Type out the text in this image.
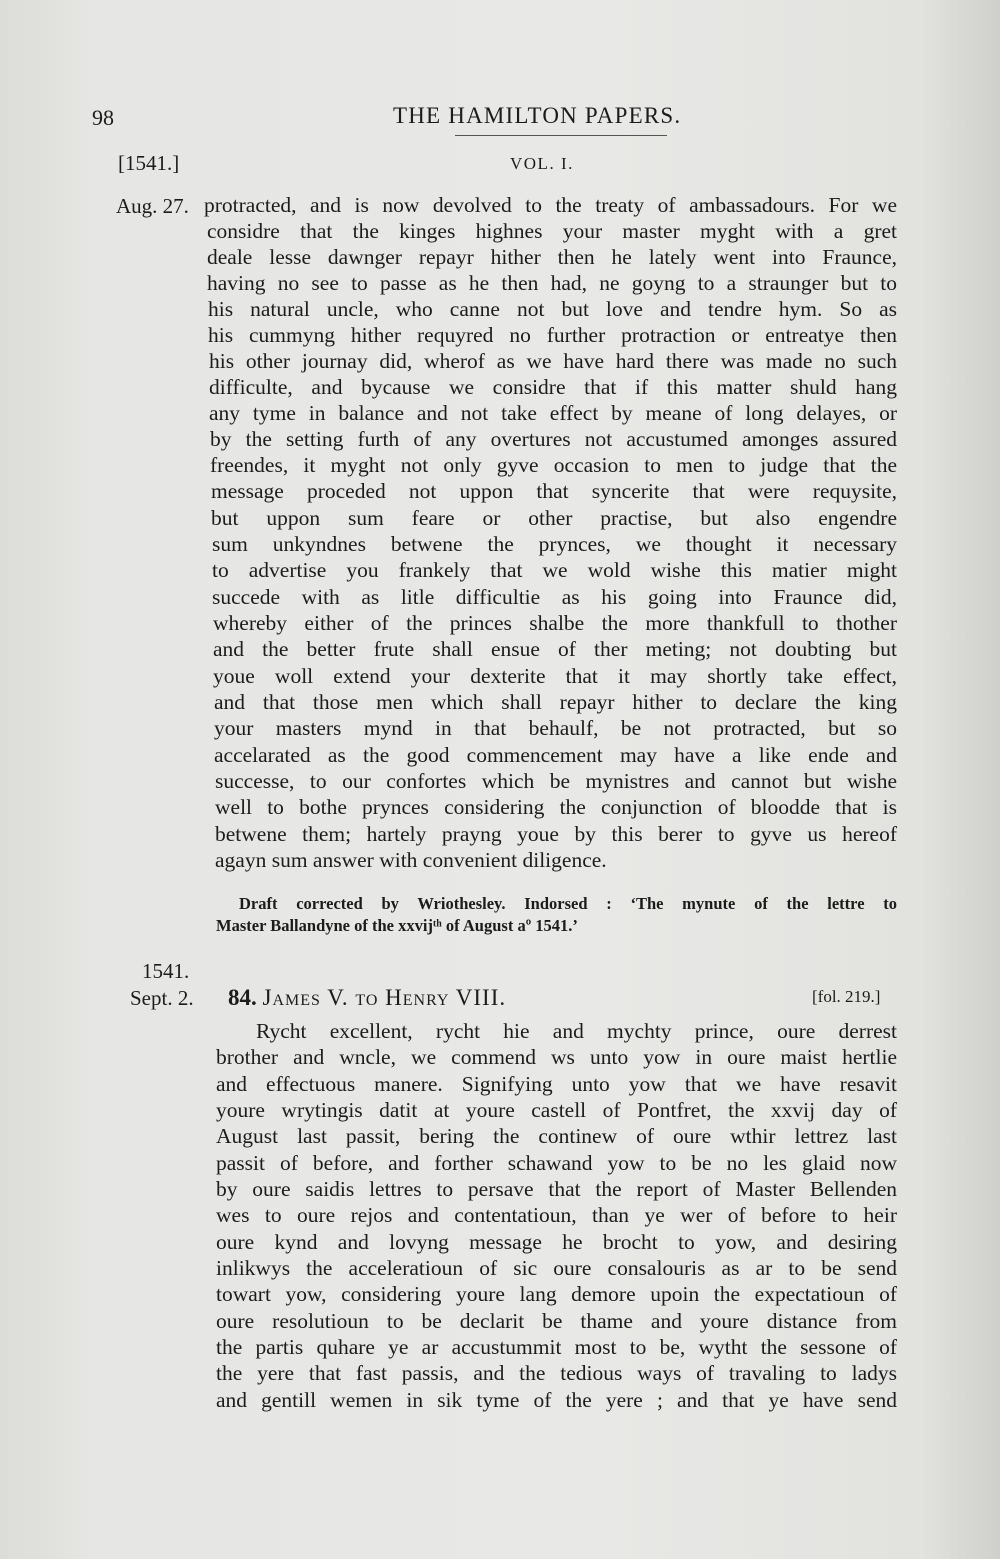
98	THE HAMILTON PAPERS.
[1541.]	VOL. I.
Aug. 27. protracted, and is now devolved to the treaty of ambassadours. For we
considre that the kinges highnes your master myght with a gret
deale lesse dawnger repayr hither then he lately went into Fraunce,
having no see to passe as he then had, ne goyng to a straunger but to
his natural uncle, who canne not but love and tendre hym. So as
his cummyng hither requyred no further protraction or entreatye then
his other journay did, wherof as we have hard there was made no such
difficulte, and bycause we considre that if this matter shuld hang
any tyme in balance and not take effect by meane of long delayes, or
by the setting furth of any overtures not accustumed amonges assured
freendes, it myght not only gyve occasion to men to judge that the
message proceded not uppon that syncerite that were requysite,
but uppon sum feare or other practise, but also engendre
sum unkyndnes betwene the prynces, we thought it necessary
to advertise you frankely that we wold wishe this matier might
succede with as litle difficultie as his going into Fraunce did,
whereby either of the princes shalbe the more thankfull to thother
and the better frute shall ensue of ther meting; not doubting but
youe woll extend your dexterite that it may shortly take effect,
and that those men which shall repayr hither to declare the king
your masters mynd in that behaulf, be not protracted, but so
accelarated as the good commencement may have a like ende and
successe, to our confortes which be mynistres and cannot but wishe
well to bothe prynces considering the conjunction of bloodde that is
betwene them; hartely prayng youe by this berer to gyve us hereof
agayn sum answer with convenient diligence.
Draft corrected by Wriothesley. Indorsed : ‘The mynute of the lettre to
Master Ballandyne of the xxvijᵗʰ of August aº 1541.’
1541.
Sept. 2. 84. James V. to Henry VIII.	[fol. 219.]
Rycht excellent, rycht hie and mychty prince, oure derrest
brother and wncle, we commend ws unto yow in oure maist hertlie
and effectuous manere. Signifying unto yow that we have resavit
youre wrytingis datit at youre castell of Pontfret, the xxvij day of
August last passit, bering the continew of oure wthir lettrez last
passit of before, and forther schawand yow to be no les glaid now
by oure saidis lettres to persave that the report of Master Bellenden
wes to oure rejos and contentatioun, than ye wer of before to heir
oure kynd and lovyng message he brocht to yow, and desiring
inlikwys the acceleratioun of sic oure consalouris as ar to be send
towart yow, considering youre lang demore upoin the expectatioun of
oure resolutioun to be declarit be thame and youre distance from
the partis quhare ye ar accustummit most to be, wytht the sessone of
the yere that fast passis, and the tedious ways of travaling to ladys
and gentill wemen in sik tyme of the yere ; and that ye have send
